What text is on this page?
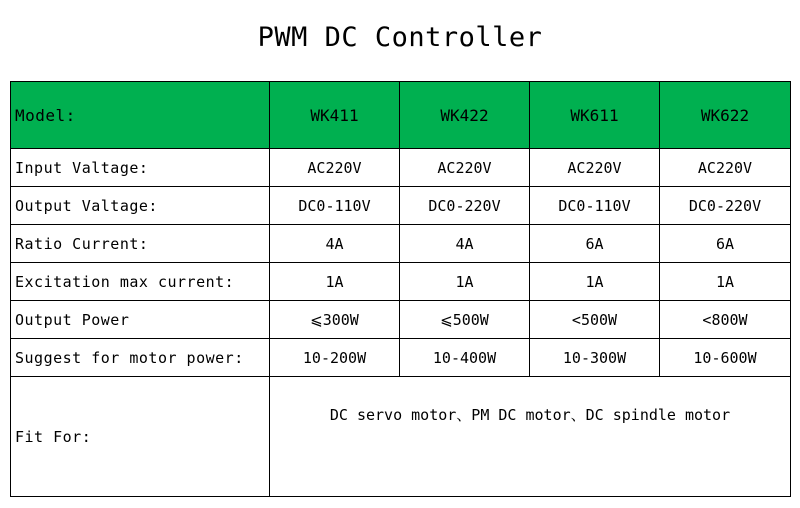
PWM DC Controller
Model:	WK411	WK422	WK611	WK622
Input Valtage:	AC220V	AC220V	AC220V	AC220V
Output Valtage:	DC0-110V	DC0-220V	DC0-110V	DC0-220V
Ratio Current:	4A	4A	6A	6A
Excitation max current:	1A	1A	1A	1A
Output Power	⩽300W	⩽500W	<500W	<800W
Suggest for motor power:	10-200W	10-400W	10-300W	10-600W
Fit For:	DC servo motor、PM DC motor、DC spindle motor			
